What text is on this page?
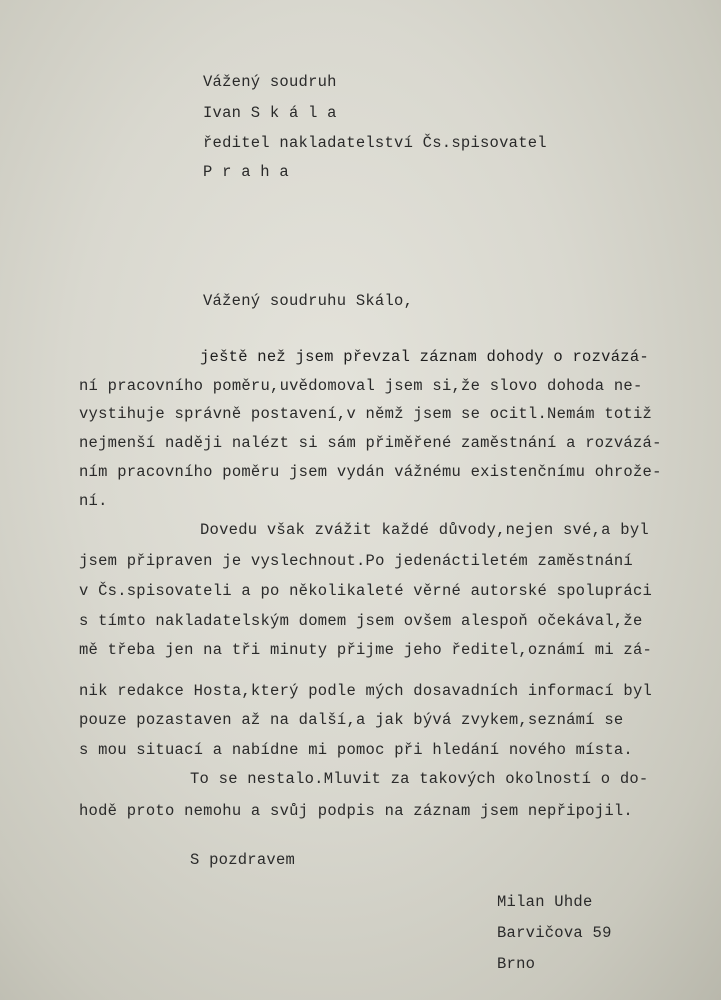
Vážený soudruh

Ivan S k á l a

ředitel nakladatelství Čs.spisovatel

P r a h a

Vážený soudruhu Skálo,

ještě než jsem převzal záznam dohody o rozvázá-

ní pracovního poměru,uvědomoval jsem si,že slovo dohoda ne-

vystihuje správně postavení,v němž jsem se ocitl.Nemám totiž

nejmenší naději nalézt si sám přiměřené zaměstnání a rozvázá-

ním pracovního poměru jsem vydán vážnému existenčnímu ohrože-

ní.

Dovedu však zvážit každé důvody,nejen své,a byl

jsem připraven je vyslechnout.Po jedenáctiletém zaměstnání

v Čs.spisovateli a po několikaleté věrné autorské spolupráci

s tímto nakladatelským domem jsem ovšem alespoň očekával,že

mě třeba jen na tři minuty přijme jeho ředitel,oznámí mi zá-

nik redakce Hosta,který podle mých dosavadních informací byl

pouze pozastaven až na další,a jak bývá zvykem,seznámí se

s mou situací a nabídne mi pomoc při hledání nového místa.

To se nestalo.Mluvit za takových okolností o do-

hodě proto nemohu a svůj podpis na záznam jsem nepřipojil.

S pozdravem

Milan Uhde

Barvičova 59

Brno
